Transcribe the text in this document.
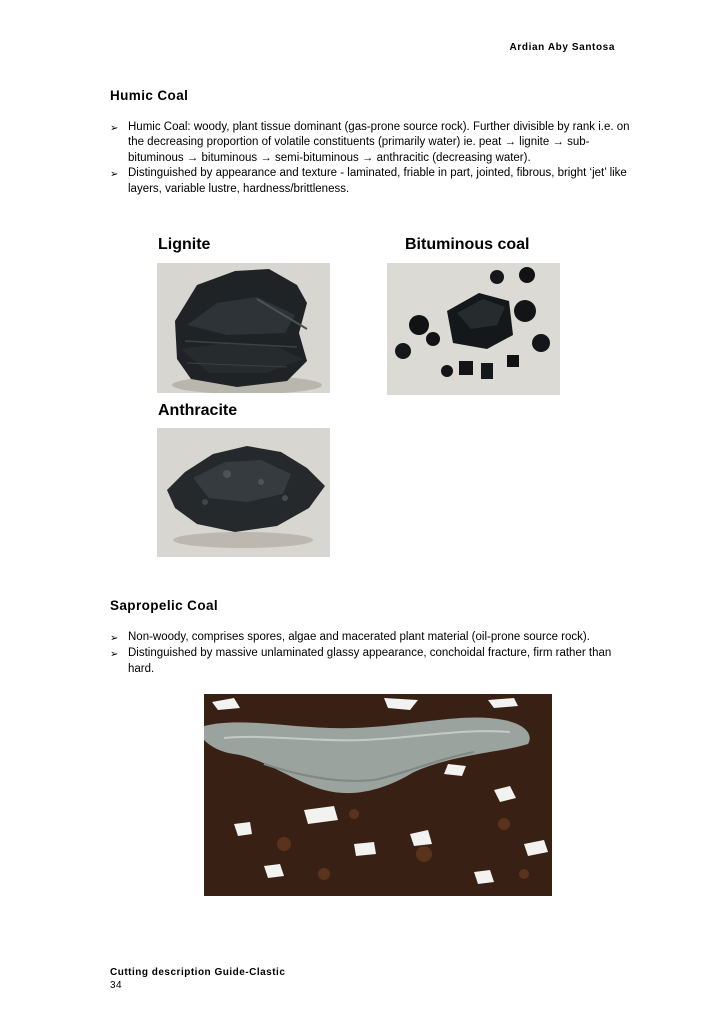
Ardian Aby Santosa
Humic Coal
➢ Humic Coal: woody, plant tissue dominant (gas-prone source rock). Further divisible by rank i.e. on the decreasing proportion of volatile constituents (primarily water) ie. peat → lignite → sub-bituminous → bituminous → semi-bituminous → anthracitic (decreasing water).
➢ Distinguished by appearance and texture - laminated, friable in part, jointed, fibrous, bright ‘jet’ like layers, variable lustre, hardness/brittleness.
Lignite	Bituminous coal
Anthracite
Sapropelic Coal
➢ Non-woody, comprises spores, algae and macerated plant material (oil-prone source rock).
➢ Distinguished by massive unlaminated glassy appearance, conchoidal fracture, firm rather than hard.
Cutting description Guide-Clastic
34
